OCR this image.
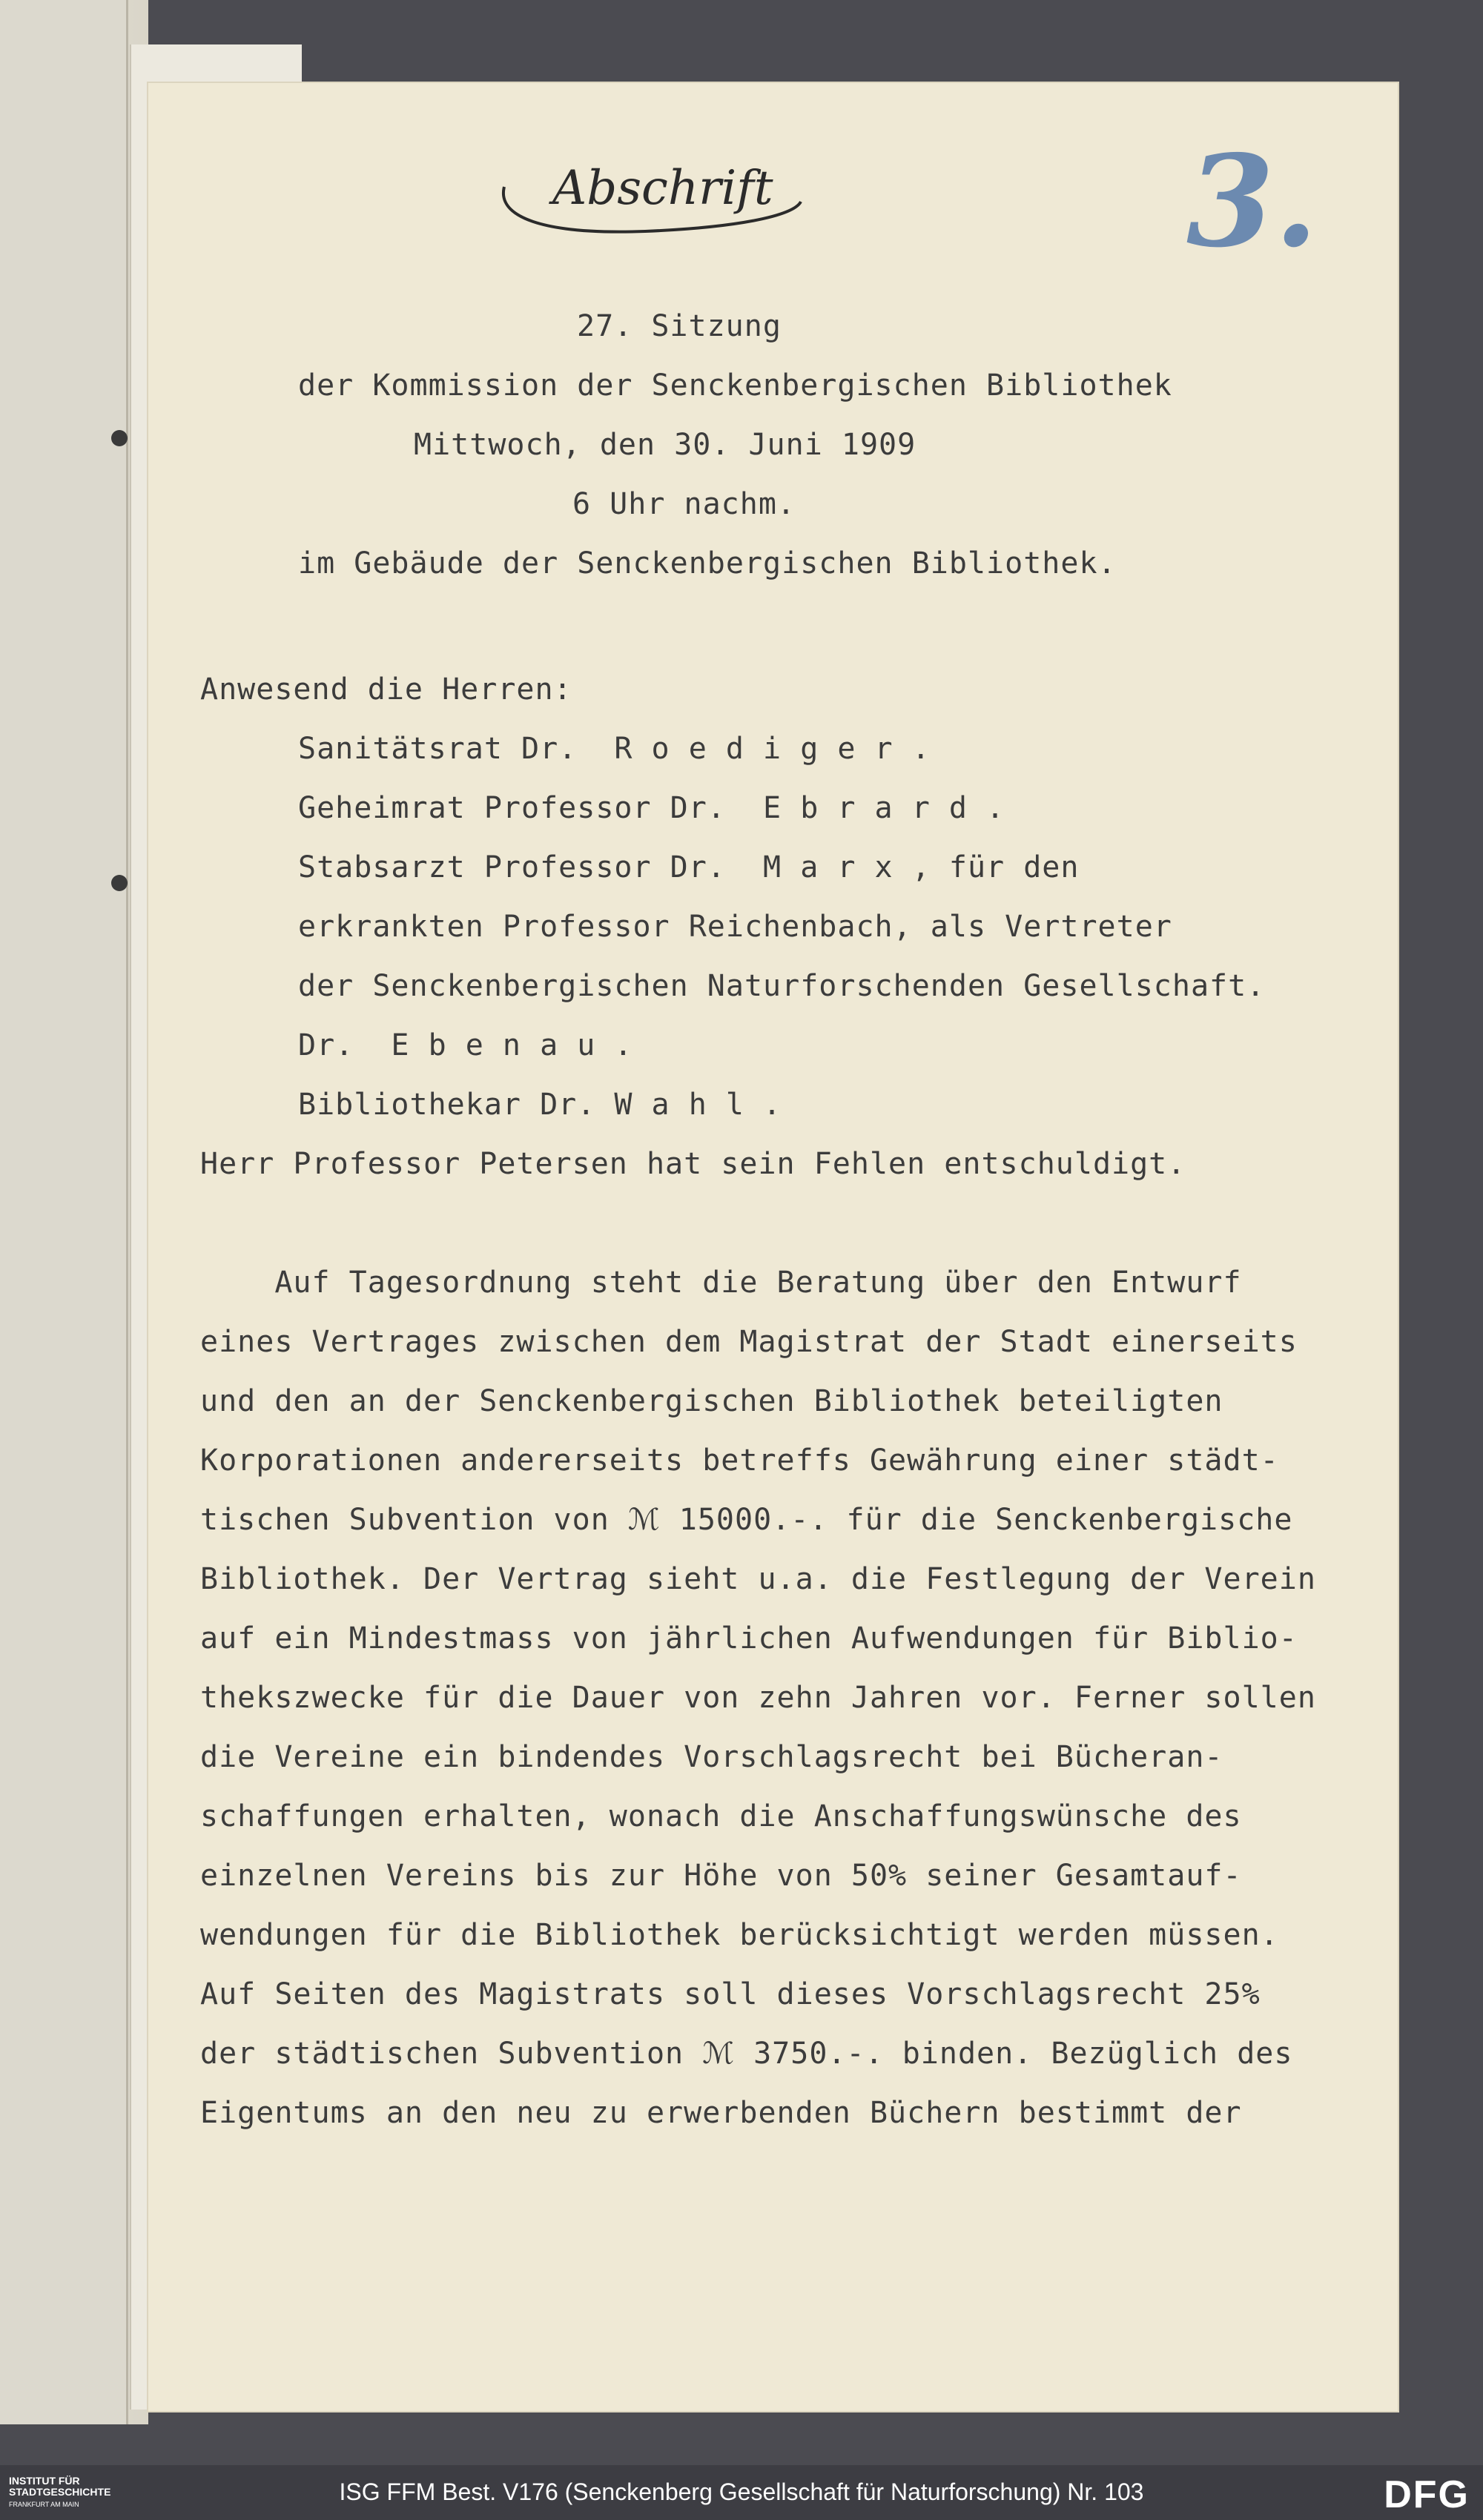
Abschrift	3.
27. Sitzung
der Kommission der Senckenbergischen Bibliothek
Mittwoch, den 30. Juni 1909
6 Uhr nachm.
im Gebäude der Senckenbergischen Bibliothek.
Anwesend die Herren:
Sanitätsrat Dr.  R o e d i g e r .
Geheimrat Professor Dr.  E b r a r d .
Stabsarzt Professor Dr.  M a r x , für den
erkrankten Professor Reichenbach, als Vertreter
der Senckenbergischen Naturforschenden Gesellschaft.
Dr.  E b e n a u .
Bibliothekar Dr. W a h l .
Herr Professor Petersen hat sein Fehlen entschuldigt.
Auf Tagesordnung steht die Beratung über den Entwurf
eines Vertrages zwischen dem Magistrat der Stadt einerseits
und den an der Senckenbergischen Bibliothek beteiligten
Korporationen andererseits betreffs Gewährung einer städt-
tischen Subvention von ℳ 15000.-. für die Senckenbergische
Bibliothek. Der Vertrag sieht u.a. die Festlegung der Verein
auf ein Mindestmass von jährlichen Aufwendungen für Biblio-
thekszwecke für die Dauer von zehn Jahren vor. Ferner sollen
die Vereine ein bindendes Vorschlagsrecht bei Bücheran-
schaffungen erhalten, wonach die Anschaffungswünsche des
einzelnen Vereins bis zur Höhe von 50% seiner Gesamtauf-
wendungen für die Bibliothek berücksichtigt werden müssen.
Auf Seiten des Magistrats soll dieses Vorschlagsrecht 25%
der städtischen Subvention ℳ 3750.-. binden. Bezüglich des
Eigentums an den neu zu erwerbenden Büchern bestimmt der
INSTITUT FÜR
STADTGESCHICHTE
FRANKFURT AM MAIN	ISG FFM Best. V176 (Senckenberg Gesellschaft für Naturforschung) Nr. 103	DFG
